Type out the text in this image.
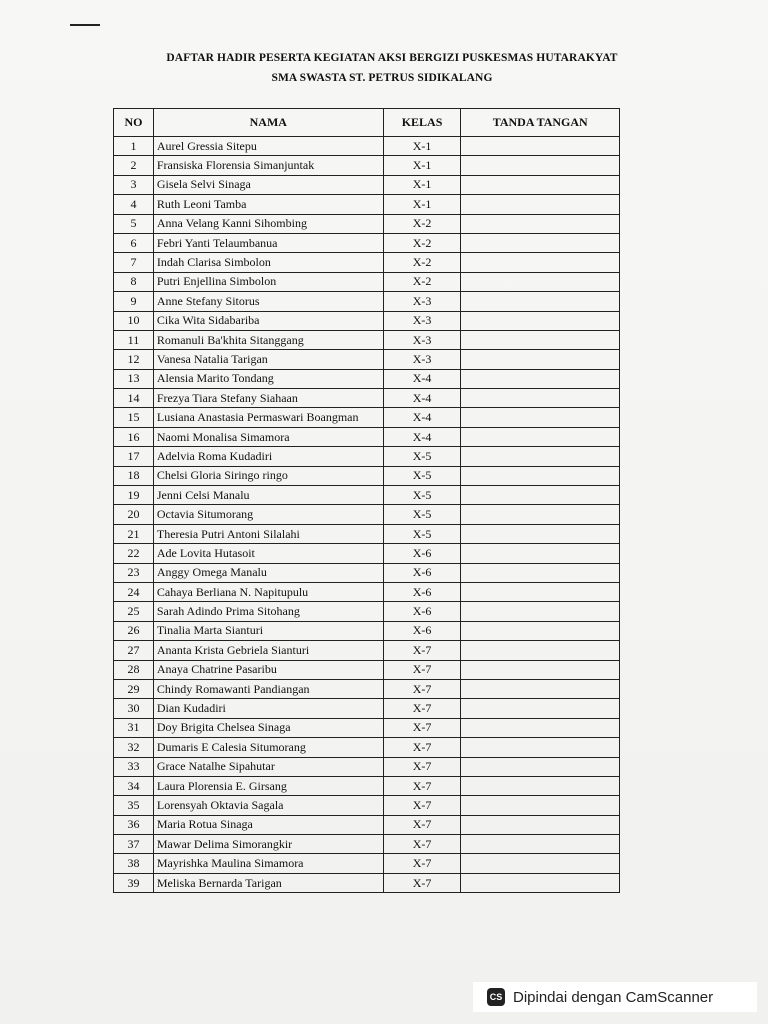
DAFTAR HADIR PESERTA KEGIATAN AKSI BERGIZI PUSKESMAS HUTARAKYAT
SMA SWASTA ST. PETRUS SIDIKALANG
NO	NAMA	KELAS	TANDA TANGAN
1	Aurel Gressia Sitepu	X-1	
2	Fransiska Florensia Simanjuntak	X-1	
3	Gisela Selvi Sinaga	X-1	
4	Ruth Leoni Tamba	X-1	
5	Anna Velang Kanni Sihombing	X-2	
6	Febri Yanti Telaumbanua	X-2	
7	Indah Clarisa Simbolon	X-2	
8	Putri Enjellina Simbolon	X-2	
9	Anne Stefany Sitorus	X-3	
10	Cika Wita Sidabariba	X-3	
11	Romanuli Ba'khita Sitanggang	X-3	
12	Vanesa Natalia Tarigan	X-3	
13	Alensia Marito Tondang	X-4	
14	Frezya Tiara Stefany Siahaan	X-4	
15	Lusiana Anastasia Permaswari Boangman	X-4	
16	Naomi Monalisa Simamora	X-4	
17	Adelvia Roma Kudadiri	X-5	
18	Chelsi Gloria Siringo ringo	X-5	
19	Jenni Celsi Manalu	X-5	
20	Octavia Situmorang	X-5	
21	Theresia Putri Antoni Silalahi	X-5	
22	Ade Lovita Hutasoit	X-6	
23	Anggy Omega Manalu	X-6	
24	Cahaya Berliana N. Napitupulu	X-6	
25	Sarah Adindo Prima Sitohang	X-6	
26	Tinalia Marta Sianturi	X-6	
27	Ananta Krista Gebriela Sianturi	X-7	
28	Anaya Chatrine Pasaribu	X-7	
29	Chindy Romawanti Pandiangan	X-7	
30	Dian Kudadiri	X-7	
31	Doy Brigita Chelsea Sinaga	X-7	
32	Dumaris E Calesia Situmorang	X-7	
33	Grace Natalhe Sipahutar	X-7	
34	Laura Plorensia E. Girsang	X-7	
35	Lorensyah Oktavia Sagala	X-7	
36	Maria Rotua Sinaga	X-7	
37	Mawar Delima Simorangkir	X-7	
38	Mayrishka Maulina Simamora	X-7	
39	Meliska Bernarda Tarigan	X-7	
CS Dipindai dengan CamScanner
